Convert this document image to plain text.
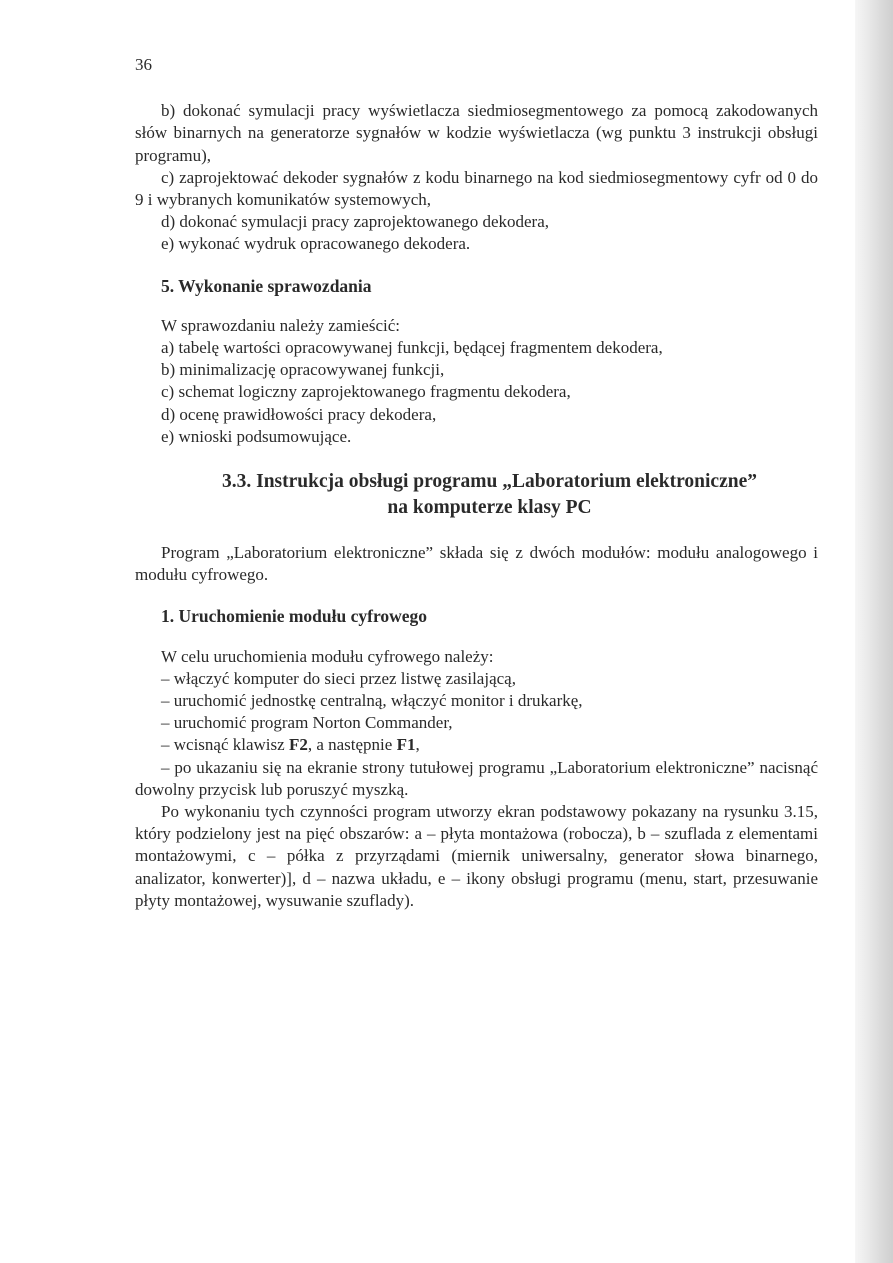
36

b) dokonać symulacji pracy wyświetlacza siedmiosegmentowego za pomocą zakodowanych słów binarnych na generatorze sygnałów w kodzie wyświetlacza (wg punktu 3 instrukcji obsługi programu),

c) zaprojektować dekoder sygnałów z kodu binarnego na kod siedmiosegmentowy cyfr od 0 do 9 i wybranych komunikatów systemowych,

d) dokonać symulacji pracy zaprojektowanego dekodera,

e) wykonać wydruk opracowanego dekodera.

5. Wykonanie sprawozdania

W sprawozdaniu należy zamieścić:

a) tabelę wartości opracowywanej funkcji, będącej fragmentem dekodera,

b) minimalizację opracowywanej funkcji,

c) schemat logiczny zaprojektowanego fragmentu dekodera,

d) ocenę prawidłowości pracy dekodera,

e) wnioski podsumowujące.

3.3. Instrukcja obsługi programu „Laboratorium elektroniczne”
na komputerze klasy PC

Program „Laboratorium elektroniczne” składa się z dwóch modułów: modułu analogowego i modułu cyfrowego.

1. Uruchomienie modułu cyfrowego

W celu uruchomienia modułu cyfrowego należy:

– włączyć komputer do sieci przez listwę zasilającą,

– uruchomić jednostkę centralną, włączyć monitor i drukarkę,

– uruchomić program Norton Commander,

– wcisnąć klawisz F2, a następnie F1,

– po ukazaniu się na ekranie strony tutułowej programu „Laboratorium elektroniczne” nacisnąć dowolny przycisk lub poruszyć myszką.

Po wykonaniu tych czynności program utworzy ekran podstawowy pokazany na rysunku 3.15, który podzielony jest na pięć obszarów: a – płyta montażowa (robocza), b – szuflada z elementami montażowymi, c – półka z przyrządami (miernik uniwersalny, generator słowa binarnego, analizator, konwerter)], d – nazwa układu, e – ikony obsługi programu (menu, start, przesuwanie płyty montażowej, wysuwanie szuflady).
